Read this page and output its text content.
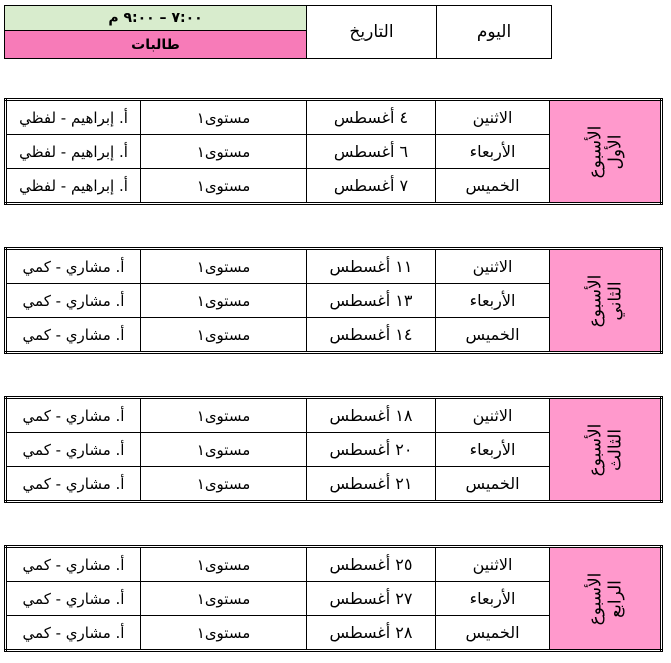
٧:٠٠ – ٩:٠٠ م	التاريخ	اليوم
طالبات
أ. إبراهيم - لفظي	مستوى١	٤ أغسطس	الاثنين	الأسبوع الأول

أ. إبراهيم - لفظي	مستوى١	٦ أغسطس	الأربعاء	
أ. إبراهيم - لفظي	مستوى١	٧ أغسطس	الخميس	
أ. مشاري - كمي	مستوى١	١١ أغسطس	الاثنين	الأسبوع الثاني

أ. مشاري - كمي	مستوى١	١٣ أغسطس	الأربعاء	
أ. مشاري - كمي	مستوى١	١٤ أغسطس	الخميس	
أ. مشاري - كمي	مستوى١	١٨ أغسطس	الاثنين	الأسبوع الثالث

أ. مشاري - كمي	مستوى١	٢٠ أغسطس	الأربعاء	
أ. مشاري - كمي	مستوى١	٢١ أغسطس	الخميس	
أ. مشاري - كمي	مستوى١	٢٥ أغسطس	الاثنين	الأسبوع الرابع

أ. مشاري - كمي	مستوى١	٢٧ أغسطس	الأربعاء	
أ. مشاري - كمي	مستوى١	٢٨ أغسطس	الخميس	
